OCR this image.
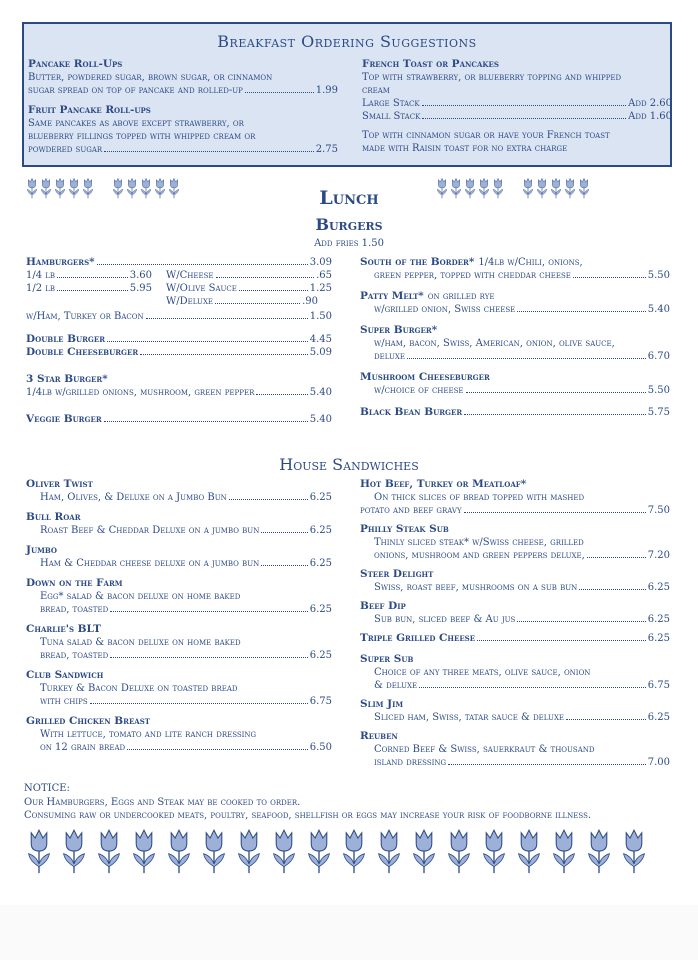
Breakfast Ordering Suggestions
Pancake Roll-Ups
Butter, powdered sugar, brown sugar, or cinnamon
sugar spread on top of pancake and rolled-up	1.99
Fruit Pancake Roll-ups
Same pancakes as above except strawberry, or
blueberry fillings topped with whipped cream or
powdered sugar	2.75
French Toast or Pancakes
Top with strawberry, or blueberry topping and whipped
cream
Large Stack	Add 2.60
Small Stack	Add 1.60
Top with cinnamon sugar or have your French toast
made with Raisin toast for no extra charge
Lunch
Burgers
Add fries 1.50
Hamburgers*	3.09
1/4 lb	3.60 W/Cheese	.65
1/2 lb	5.95 W/Olive Sauce	1.25
W/Deluxe	.90
w/Ham, Turkey or Bacon	1.50
Double Burger	4.45
Double Cheeseburger	5.09
3 Star Burger*
1/4lb w/grilled onions, mushroom, green pepper	5.40
Veggie Burger	5.40
South of the Border* 1/4lb w/Chili, onions,
green pepper, topped with cheddar cheese	5.50
Patty Melt* on grilled rye
w/grilled onion, Swiss cheese	5.40
Super Burger*
w/ham, bacon, Swiss, American, onion, olive sauce,
deluxe	6.70
Mushroom Cheeseburger
w/choice of cheese	5.50
Black Bean Burger	5.75
House Sandwiches
Oliver Twist
Ham, Olives, & Deluxe on a Jumbo Bun	6.25
Bull Roar
Roast Beef & Cheddar Deluxe on a jumbo bun	6.25
Jumbo
Ham & Cheddar cheese deluxe on a jumbo bun	6.25
Down on the Farm
Egg* salad & bacon deluxe on home baked
bread, toasted	6.25
Charlie's BLT
Tuna salad & bacon deluxe on home baked
bread, toasted	6.25
Club Sandwich
Turkey & Bacon Deluxe on toasted bread
with chips	6.75
Grilled Chicken Breast
With lettuce, tomato and lite ranch dressing
on 12 grain bread	6.50
Hot Beef, Turkey or Meatloaf*
On thick slices of bread topped with mashed
potato and beef gravy	7.50
Philly Steak Sub
Thinly sliced steak* w/Swiss cheese, grilled
onions, mushroom and green peppers deluxe,	7.20
Steer Delight
Swiss, roast beef, mushrooms on a sub bun	6.25
Beef Dip
Sub bun, sliced beef & Au jus	6.25
Triple Grilled Cheese	6.25
Super Sub
Choice of any three meats, olive sauce, onion
& deluxe	6.75
Slim Jim
Sliced ham, Swiss, tatar sauce & deluxe	6.25
Reuben
Corned Beef & Swiss, sauerkraut & thousand
island dressing	7.00
NOTICE:
Our Hamburgers, Eggs and Steak may be cooked to order.
Consuming raw or undercooked meats, poultry, seafood, shellfish or eggs may increase your risk of foodborne illness.
